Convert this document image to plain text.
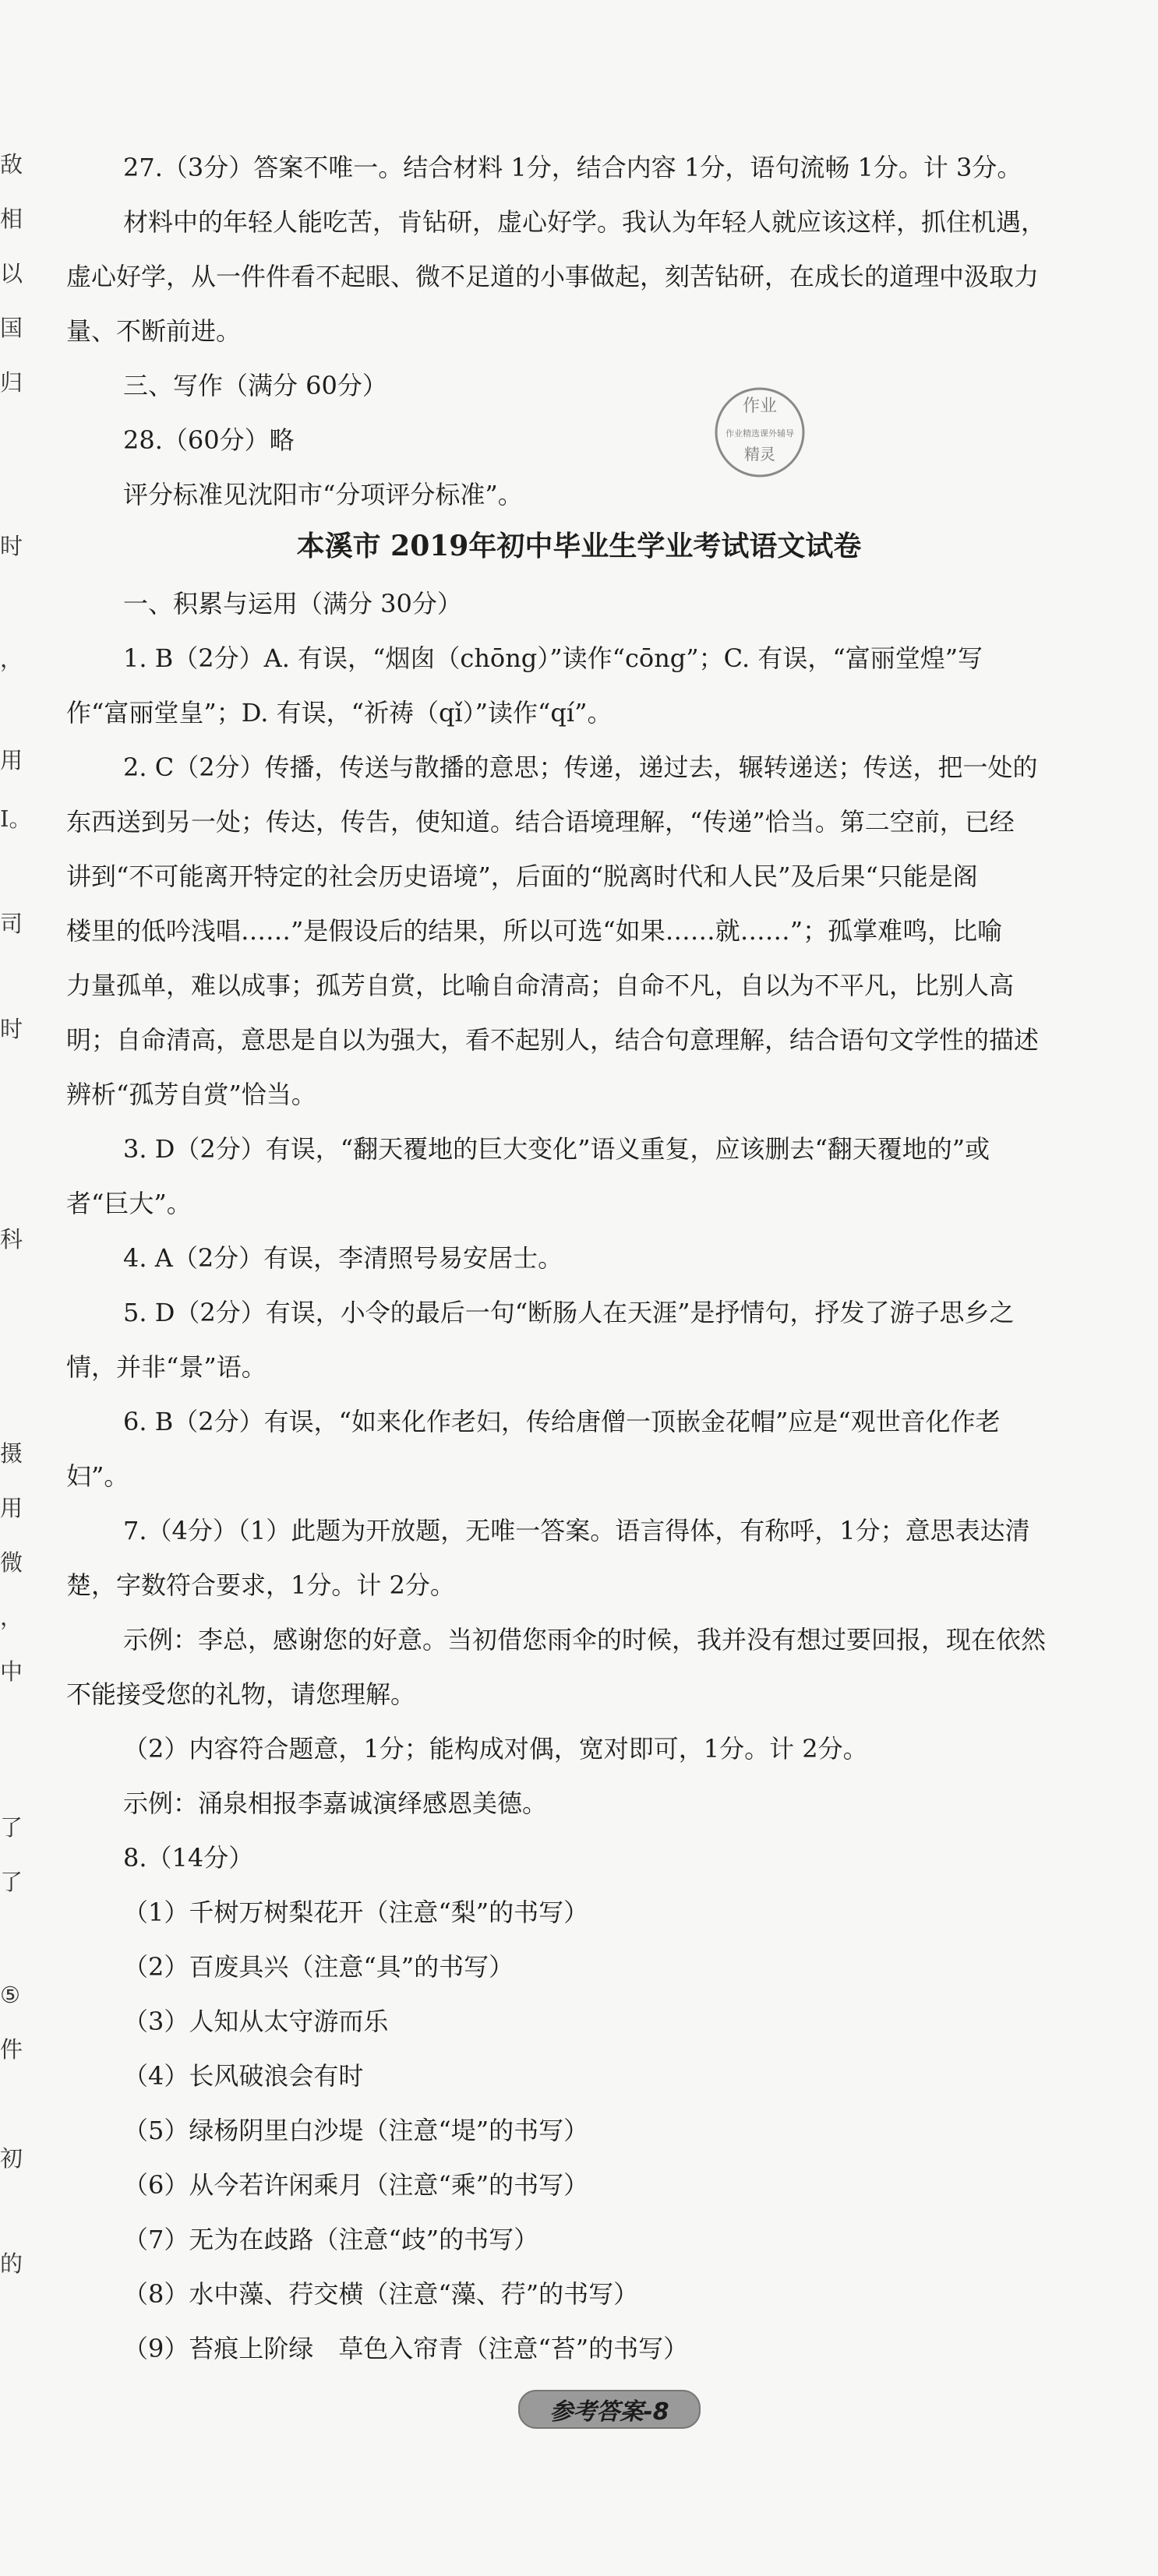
敌
相
以
国
归
时
，
用
I。
司
时
科
摄
用
微
，
中
了
了
⑤
件
初
的
27.（3分）答案不唯一。结合材料 1分，结合内容 1分，语句流畅 1分。计 3分。
材料中的年轻人能吃苦，肯钻研，虚心好学。我认为年轻人就应该这样，抓住机遇，
虚心好学，从一件件看不起眼、微不足道的小事做起，刻苦钻研，在成长的道理中汲取力
量、不断前进。
三、写作（满分 60分）
28.（60分）略
评分标准见沈阳市“分项评分标准”。
一、积累与运用（满分 30分）
1. B（2分）A. 有误，“烟囱（chōng）”读作“cōng”；C. 有误，“富丽堂煌”写
作“富丽堂皇”；D. 有误，“祈祷（qǐ）”读作“qí”。
2. C（2分）传播，传送与散播的意思；传递，递过去，辗转递送；传送，把一处的
东西送到另一处；传达，传告，使知道。结合语境理解，“传递”恰当。第二空前，已经
讲到“不可能离开特定的社会历史语境”，后面的“脱离时代和人民”及后果“只能是阁
楼里的低吟浅唱……”是假设后的结果，所以可选“如果……就……”；孤掌难鸣，比喻
力量孤单，难以成事；孤芳自赏，比喻自命清高；自命不凡，自以为不平凡，比别人高
明；自命清高，意思是自以为强大，看不起别人，结合句意理解，结合语句文学性的描述
辨析“孤芳自赏”恰当。
3. D（2分）有误，“翻天覆地的巨大变化”语义重复，应该删去“翻天覆地的”或
者“巨大”。
4. A（2分）有误，李清照号易安居士。
5. D（2分）有误，小令的最后一句“断肠人在天涯”是抒情句，抒发了游子思乡之
情，并非“景”语。
6. B（2分）有误，“如来化作老妇，传给唐僧一顶嵌金花帽”应是“观世音化作老
妇”。
7.（4分）（1）此题为开放题，无唯一答案。语言得体，有称呼，1分；意思表达清
楚，字数符合要求，1分。计 2分。
示例：李总，感谢您的好意。当初借您雨伞的时候，我并没有想过要回报，现在依然
不能接受您的礼物，请您理解。
（2）内容符合题意，1分；能构成对偶，宽对即可，1分。计 2分。
示例：涌泉相报李嘉诚演绎感恩美德。
8.（14分）
（1）千树万树梨花开（注意“梨”的书写）
（2）百废具兴（注意“具”的书写）
（3）人知从太守游而乐
（4）长风破浪会有时
（5）绿杨阴里白沙堤（注意“堤”的书写）
（6）从今若许闲乘月（注意“乘”的书写）
（7）无为在歧路（注意“歧”的书写）
（8）水中藻、荇交横（注意“藻、荇”的书写）
（9）苔痕上阶绿　草色入帘青（注意“苔”的书写）
本溪市 2019年初中毕业生学业考试语文试卷
作业
作业精选课外辅导
精灵
参考答案-8
